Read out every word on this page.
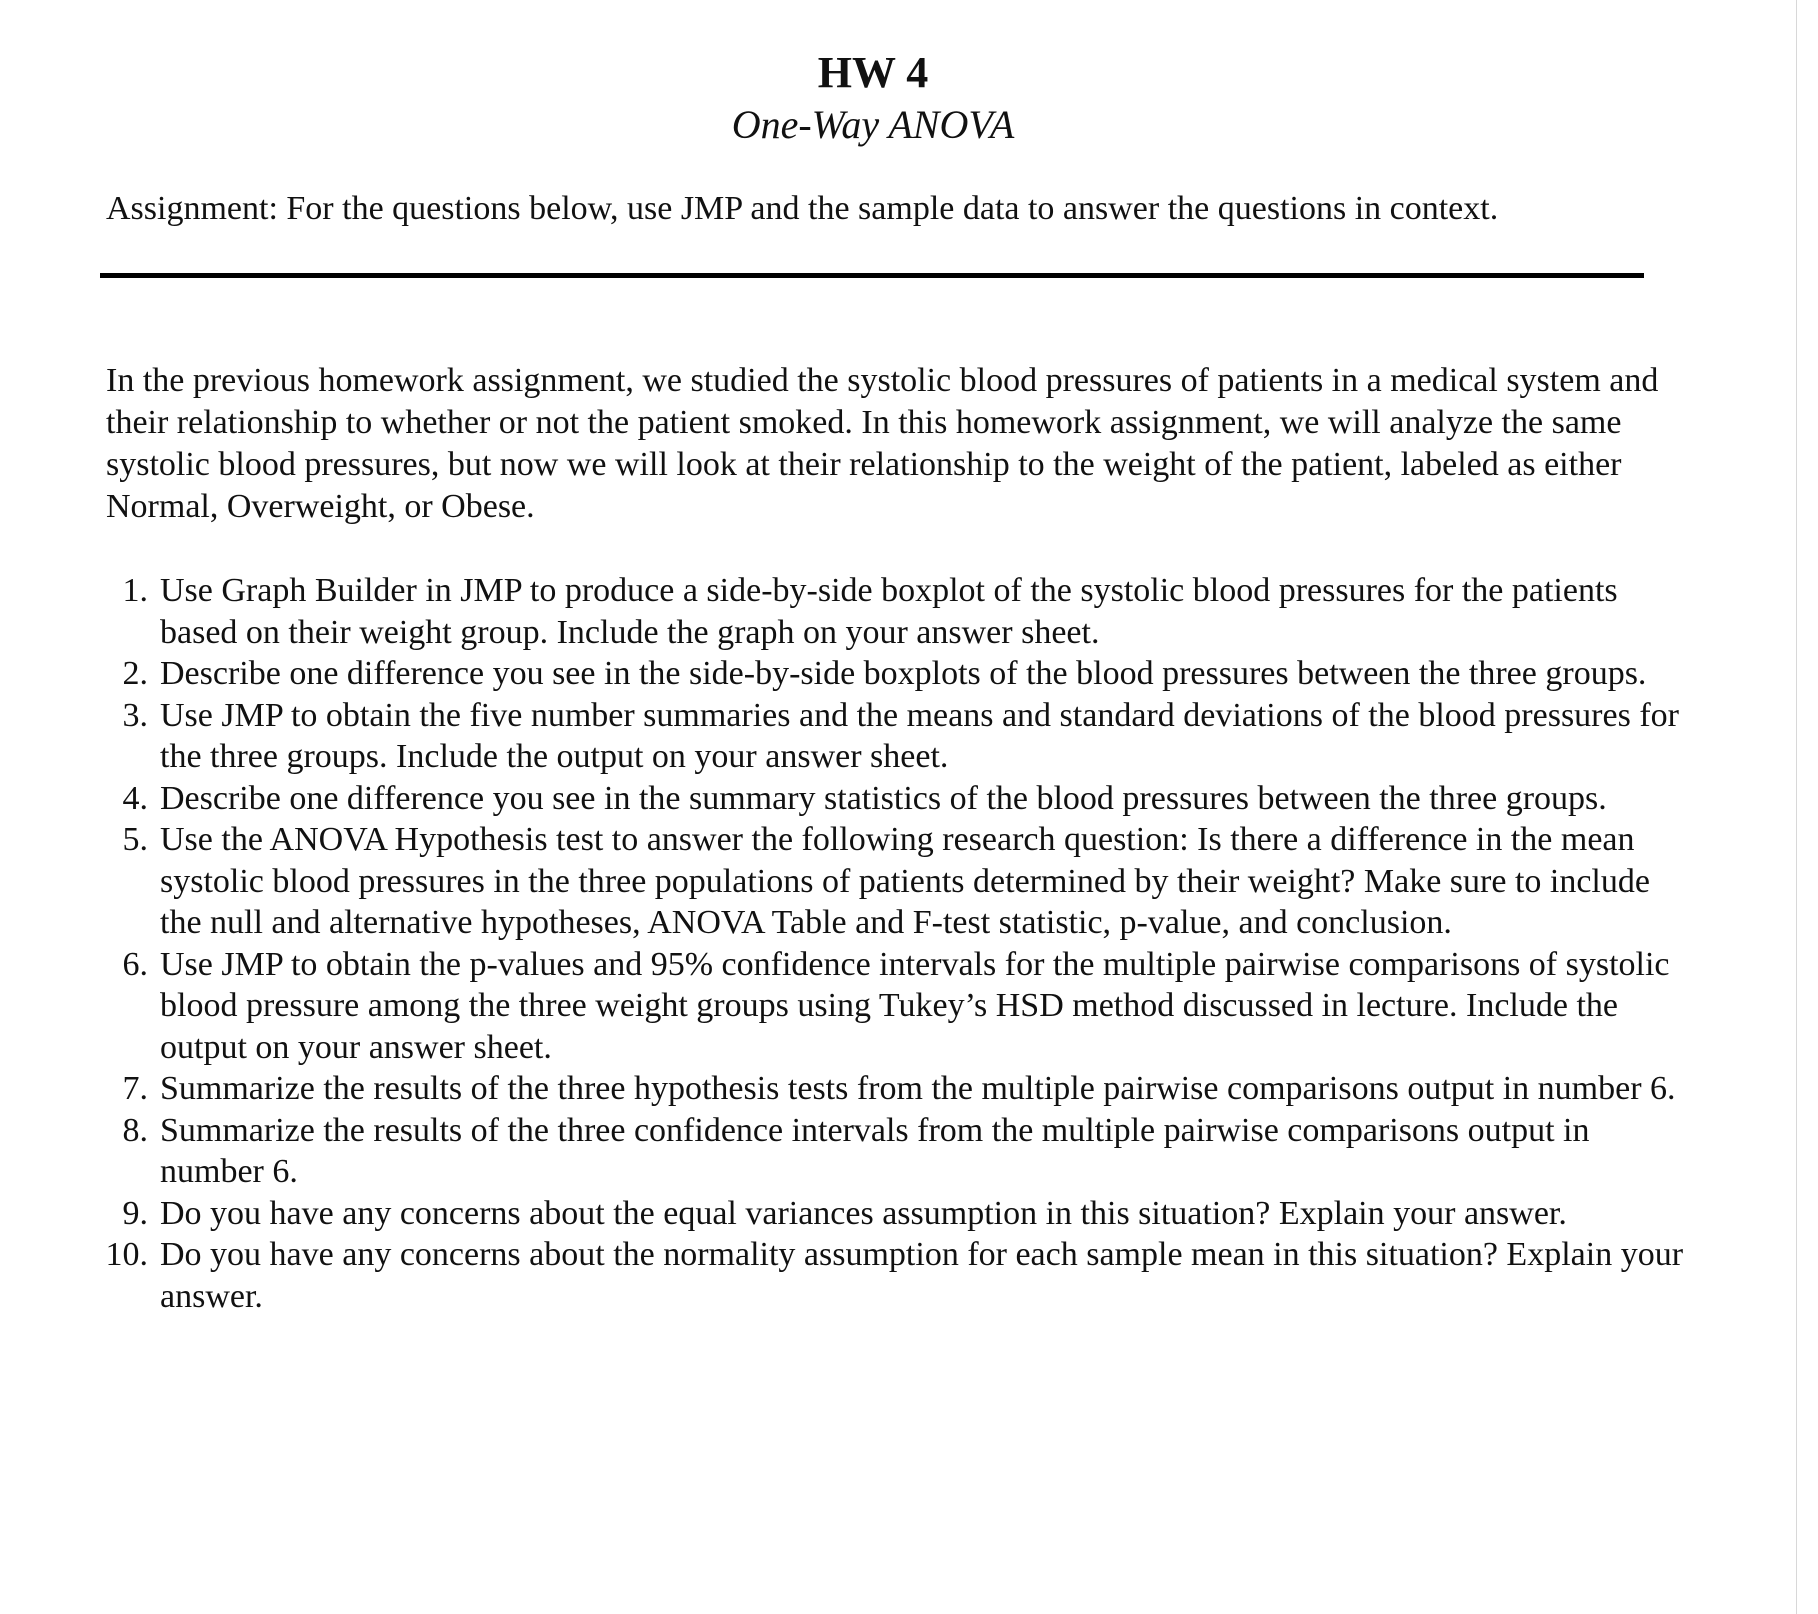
HW 4
One-Way ANOVA
Assignment: For the questions below, use JMP and the sample data to answer the questions in context.
In the previous homework assignment, we studied the systolic blood pressures of patients in a medical system and their relationship to whether or not the patient smoked. In this homework assignment, we will analyze the same systolic blood pressures, but now we will look at their relationship to the weight of the patient, labeled as either Normal, Overweight, or Obese.
1. Use Graph Builder in JMP to produce a side-by-side boxplot of the systolic blood pressures for the patients based on their weight group. Include the graph on your answer sheet.
2. Describe one difference you see in the side-by-side boxplots of the blood pressures between the three groups.
3. Use JMP to obtain the five number summaries and the means and standard deviations of the blood pressures for the three groups. Include the output on your answer sheet.
4. Describe one difference you see in the summary statistics of the blood pressures between the three groups.
5. Use the ANOVA Hypothesis test to answer the following research question: Is there a difference in the mean systolic blood pressures in the three populations of patients determined by their weight? Make sure to include the null and alternative hypotheses, ANOVA Table and F-test statistic, p-value, and conclusion.
6. Use JMP to obtain the p-values and 95% confidence intervals for the multiple pairwise comparisons of systolic blood pressure among the three weight groups using Tukey’s HSD method discussed in lecture. Include the output on your answer sheet.
7. Summarize the results of the three hypothesis tests from the multiple pairwise comparisons output in number 6.
8. Summarize the results of the three confidence intervals from the multiple pairwise comparisons output in number 6.
9. Do you have any concerns about the equal variances assumption in this situation? Explain your answer.
10. Do you have any concerns about the normality assumption for each sample mean in this situation? Explain your answer.
